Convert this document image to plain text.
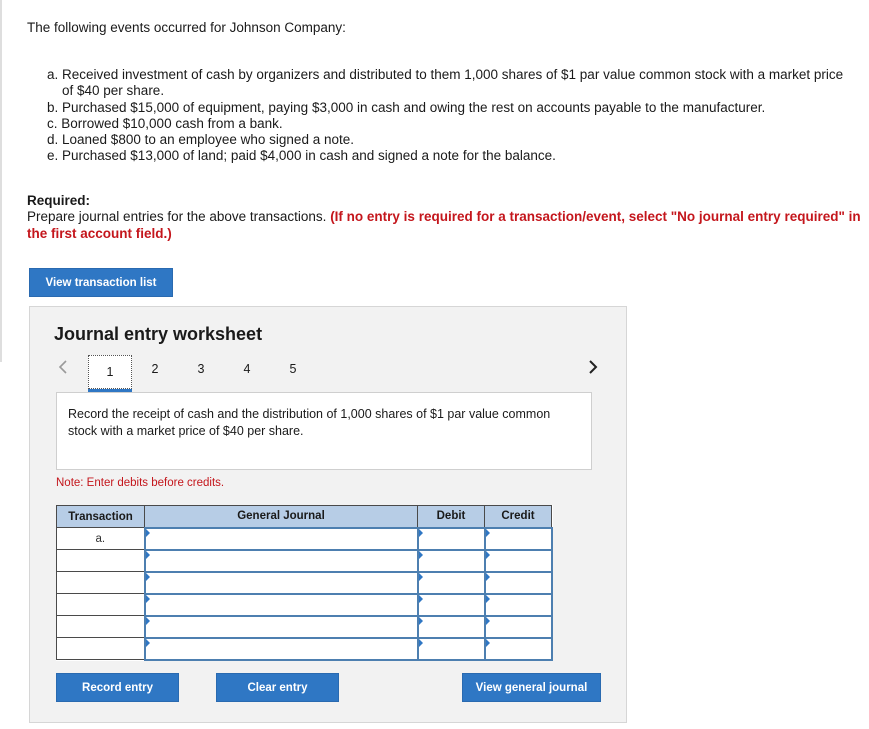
The following events occurred for Johnson Company:
a. Received investment of cash by organizers and distributed to them 1,000 shares of $1 par value common stock with a market price of $40 per share.
b. Purchased $15,000 of equipment, paying $3,000 in cash and owing the rest on accounts payable to the manufacturer.
c. Borrowed $10,000 cash from a bank.
d. Loaned $800 to an employee who signed a note.
e. Purchased $13,000 of land; paid $4,000 in cash and signed a note for the balance.
Required:
Prepare journal entries for the above transactions. (If no entry is required for a transaction/event, select "No journal entry required" in the first account field.)
View transaction list
Journal entry worksheet
1	2	3	4	5
Record the receipt of cash and the distribution of 1,000 shares of $1 par value common stock with a market price of $40 per share.
Note: Enter debits before credits.
Transaction	General Journal	Debit	Credit
a.			

Record entry	Clear entry	View general journal
